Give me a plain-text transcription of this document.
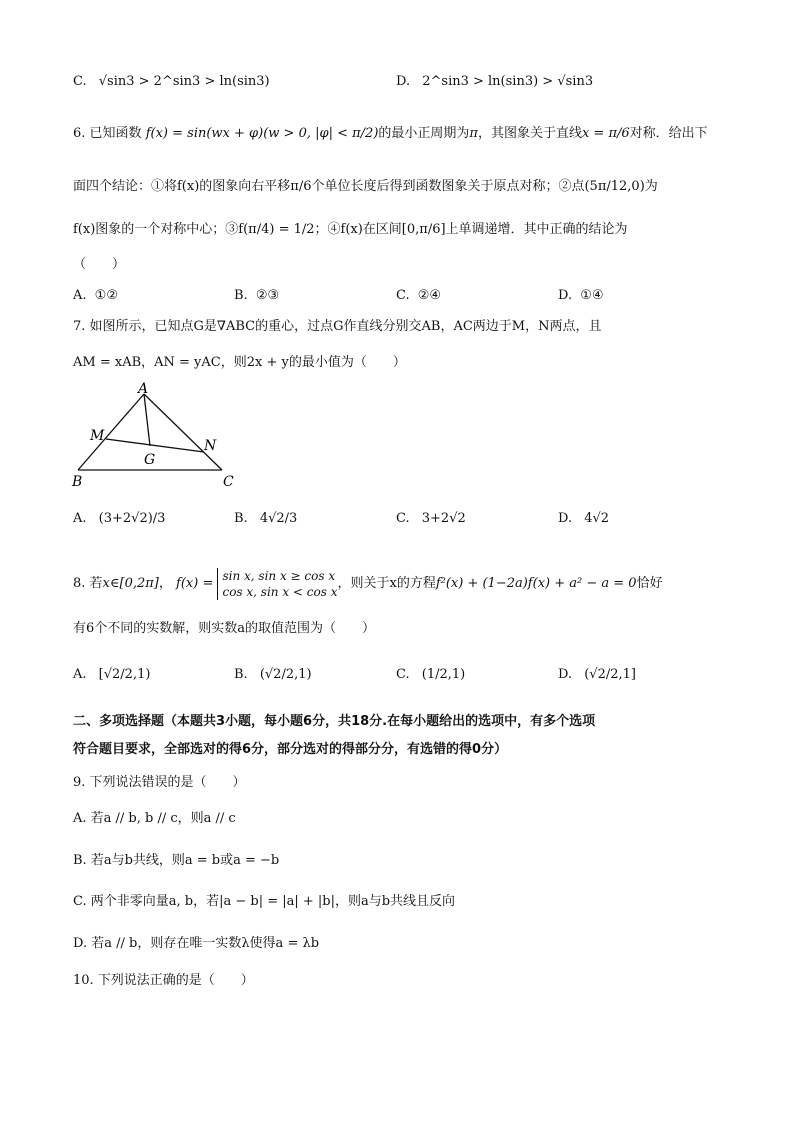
C. √sin3 > 2^sin3 > ln(sin3)	D. 2^sin3 > ln(sin3) > √sin3
6. 已知函数 f(x) = sin(wx + φ)(w > 0, |φ| < π/2)的最小正周期为π，其图象关于直线x = π/6对称．给出下
面四个结论：①将f(x)的图象向右平移π/6个单位长度后得到函数图象关于原点对称；②点(5π/12,0)为
f(x)图象的一个对称中心；③f(π/4) = 1/2；④f(x)在区间[0,π/6]上单调递增．其中正确的结论为
（　　）
A. ①②	B. ②③	C. ②④	D. ①④
7. 如图所示，已知点G是∇ABC的重心，过点G作直线分别交AB，AC两边于M，N两点，且
AM = xAB，AN = yAC，则2x + y的最小值为（　　）
A
B	C
M
N
G
A. (3+2√2)/3	B. 4√2/3	C. 3+2√2	D. 4√2
8. 若x∈[0,2π]， f(x) =
sin x, sin x ≥ cos x
cos x, sin x < cos x
，则关于x的方程f²(x) + (1−2a)f(x) + a² − a = 0恰好
有6个不同的实数解，则实数a的取值范围为（　　）
A. [√2/2,1)	B. (√2/2,1)	C. (1/2,1)	D. (√2/2,1]
二、多项选择题（本题共3小题，每小题6分，共18分.在每小题给出的选项中，有多个选项
符合题目要求，全部选对的得6分，部分选对的得部分分，有选错的得0分）
9. 下列说法错误的是（　　）
A. 若a // b, b // c，则a // c
B. 若a与b共线，则a = b或a = −b
C. 两个非零向量a, b，若|a − b| = |a| + |b|，则a与b共线且反向
D. 若a // b，则存在唯一实数λ使得a = λb
10. 下列说法正确的是（　　）
